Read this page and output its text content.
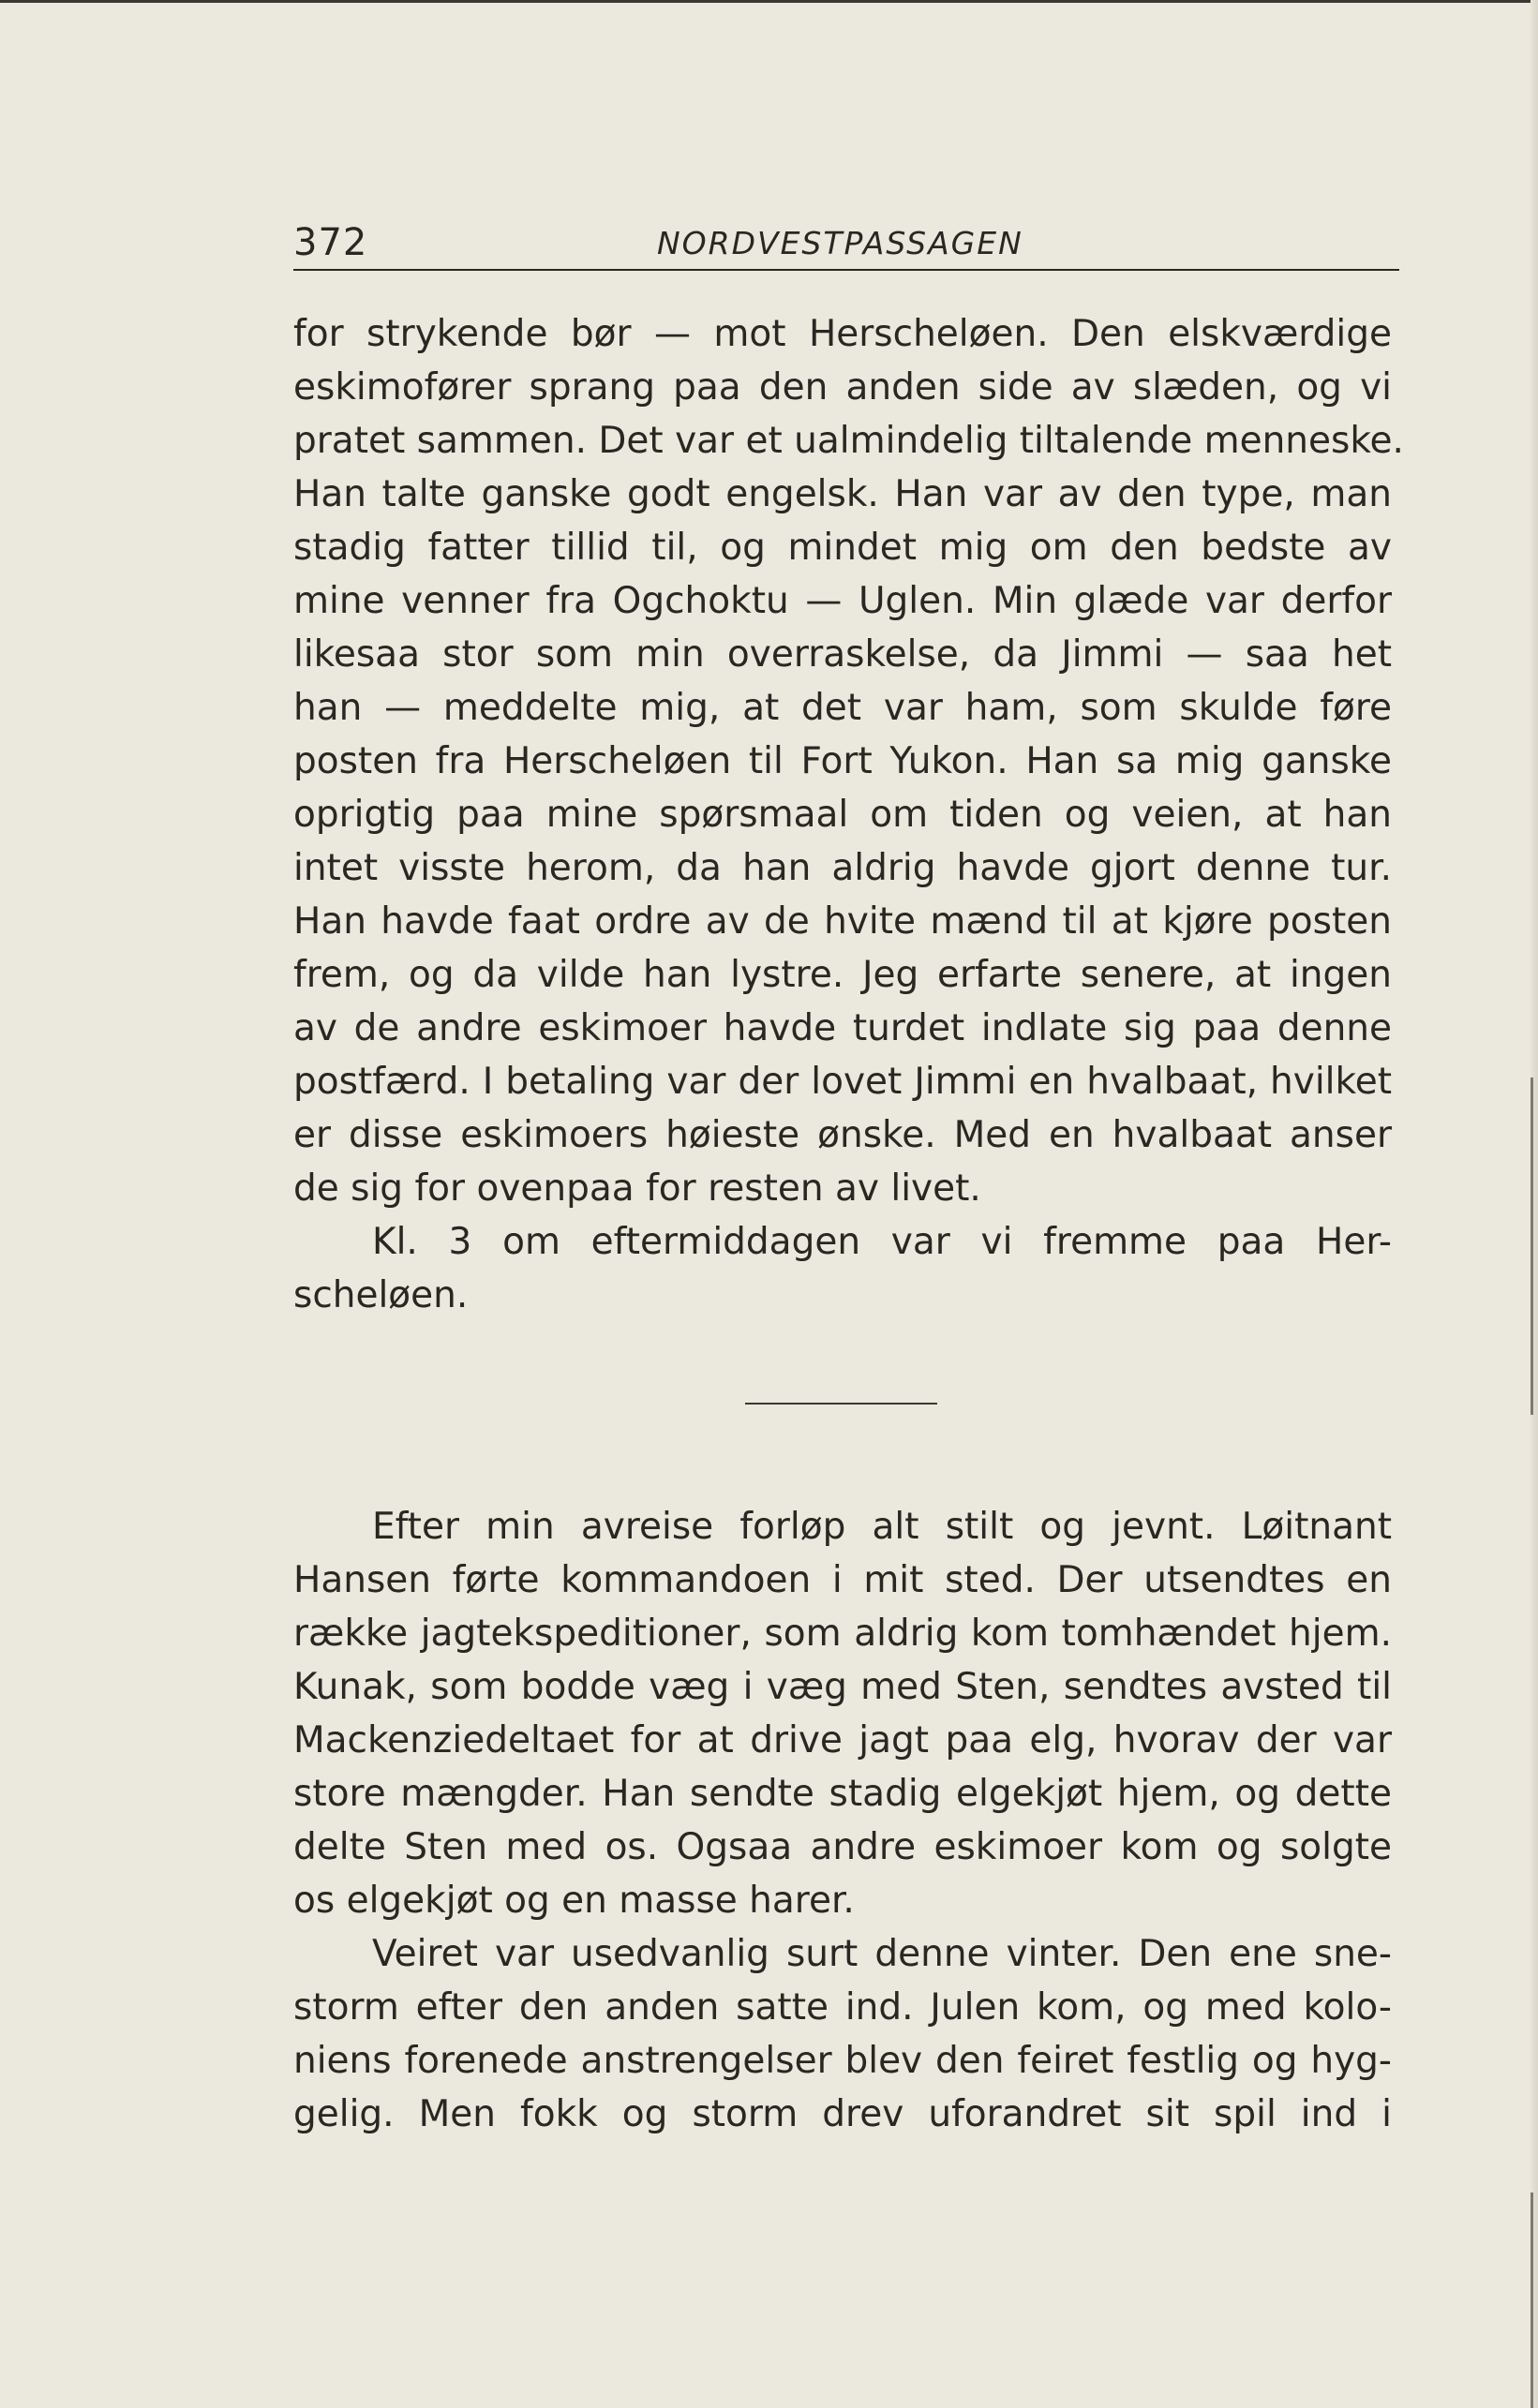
372	NORDVESTPASSAGEN
for strykende bør — mot Herscheløen. Den elskværdige
eskimofører sprang paa den anden side av slæden, og vi
pratet sammen. Det var et ualmindelig tiltalende menneske.
Han talte ganske godt engelsk. Han var av den type, man
stadig fatter tillid til, og mindet mig om den bedste av
mine venner fra Ogchoktu — Uglen. Min glæde var derfor
likesaa stor som min overraskelse, da Jimmi — saa het
han — meddelte mig, at det var ham, som skulde føre
posten fra Herscheløen til Fort Yukon. Han sa mig ganske
oprigtig paa mine spørsmaal om tiden og veien, at han
intet visste herom, da han aldrig havde gjort denne tur.
Han havde faat ordre av de hvite mænd til at kjøre posten
frem, og da vilde han lystre. Jeg erfarte senere, at ingen
av de andre eskimoer havde turdet indlate sig paa denne
postfærd. I betaling var der lovet Jimmi en hvalbaat, hvilket
er disse eskimoers høieste ønske. Med en hvalbaat anser
de sig for ovenpaa for resten av livet.
Kl. 3 om eftermiddagen var vi fremme paa Her-
scheløen.
Efter min avreise forløp alt stilt og jevnt. Løitnant
Hansen førte kommandoen i mit sted. Der utsendtes en
række jagtekspeditioner, som aldrig kom tomhændet hjem.
Kunak, som bodde væg i væg med Sten, sendtes avsted til
Mackenziedeltaet for at drive jagt paa elg, hvorav der var
store mængder. Han sendte stadig elgekjøt hjem, og dette
delte Sten med os. Ogsaa andre eskimoer kom og solgte
os elgekjøt og en masse harer.
Veiret var usedvanlig surt denne vinter. Den ene sne-
storm efter den anden satte ind. Julen kom, og med kolo-
niens forenede anstrengelser blev den feiret festlig og hyg-
gelig. Men fokk og storm drev uforandret sit spil ind i
